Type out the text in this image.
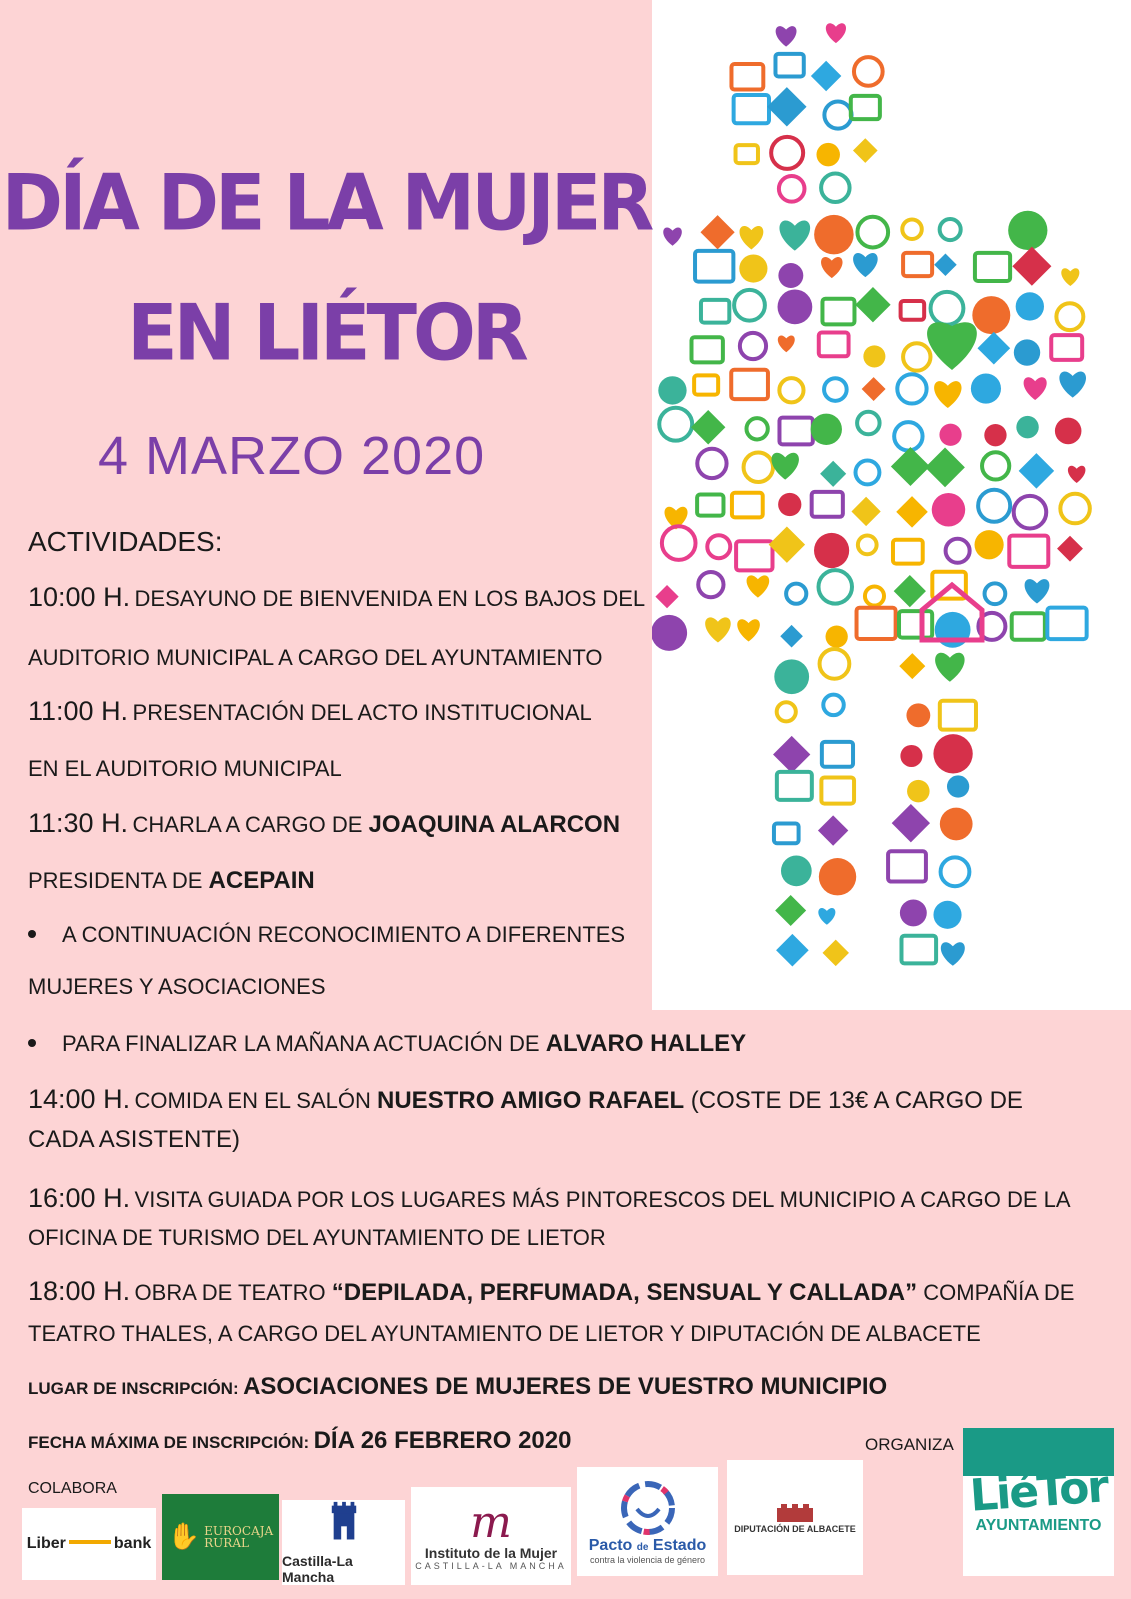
DÍA DE LA MUJER
EN LIÉTOR

4 MARZO 2020

ACTIVIDADES:

10:00 H. DESAYUNO DE BIENVENIDA EN LOS BAJOS DEL

AUDITORIO MUNICIPAL A CARGO DEL AYUNTAMIENTO

11:00 H. PRESENTACIÓN DEL ACTO INSTITUCIONAL

EN EL AUDITORIO MUNICIPAL

11:30 H. CHARLA A CARGO DE JOAQUINA ALARCON

PRESIDENTA DE ACEPAIN

A CONTINUACIÓN RECONOCIMIENTO A DIFERENTES

MUJERES Y ASOCIACIONES

PARA FINALIZAR LA MAÑANA ACTUACIÓN DE ALVARO HALLEY

14:00 H. COMIDA EN EL SALÓN NUESTRO AMIGO RAFAEL (COSTE DE 13€ A CARGO DE

CADA ASISTENTE)

16:00 H. VISITA GUIADA POR LOS LUGARES MÁS PINTORESCOS DEL MUNICIPIO A CARGO DE LA

OFICINA DE TURISMO DEL AYUNTAMIENTO DE LIETOR

18:00 H. OBRA DE TEATRO “DEPILADA, PERFUMADA, SENSUAL Y CALLADA” COMPAÑÍA DE

TEATRO THALES, A CARGO DEL AYUNTAMIENTO DE LIETOR Y DIPUTACIÓN DE ALBACETE

LUGAR DE INSCRIPCIÓN: ASOCIACIONES DE MUJERES DE VUESTRO MUNICIPIO

FECHA MÁXIMA DE INSCRIPCIÓN: DÍA 26 FEBRERO 2020	ORGANIZA

COLABORA

Liber	bank ✋ EUROCAJA
RURAL
Castilla-La Mancha
m
Instituto de la Mujer
CASTILLA-LA MANCHA
Pacto de Estado
contra la violencia de género
DIPUTACIÓN DE ALBACETE
LiéTor
AYUNTAMIENTO
